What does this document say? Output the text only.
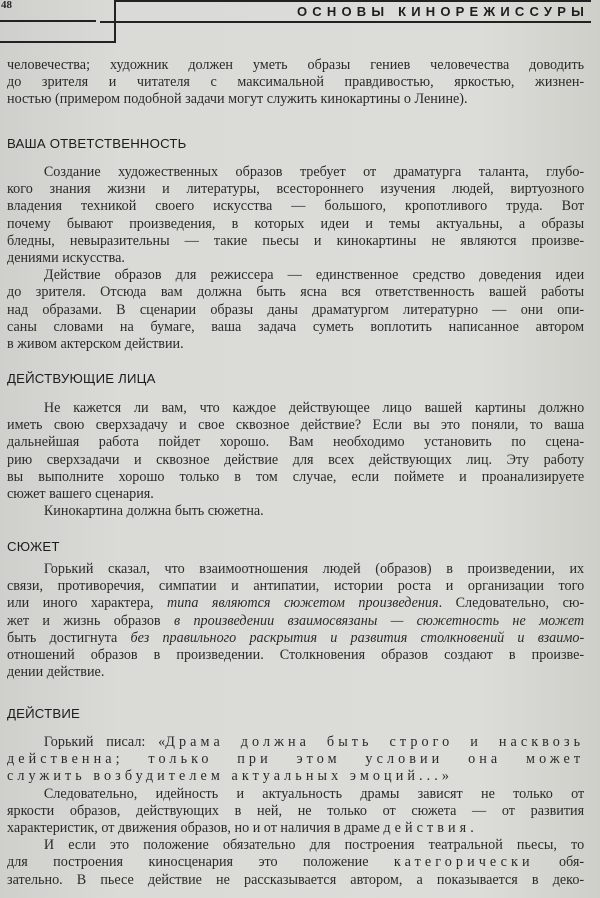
48	ОСНОВЫ КИНОРЕЖИССУРЫ
человечества; художник должен уметь образы гениев человечества доводить
до зрителя и читателя с максимальной правдивостью, яркостью, жизнен-
ностью (примером подобной задачи могут служить кинокартины о Ленине).
ВАША ОТВЕТСТВЕННОСТЬ
Создание художественных образов требует от драматурга таланта, глубо-
кого знания жизни и литературы, всестороннего изучения людей, виртуозного
владения техникой своего искусства — большого, кропотливого труда. Вот
почему бывают произведения, в которых идеи и темы актуальны, а образы
бледны, невыразительны — такие пьесы и кинокартины не являются произве-
дениями искусства.
Действие образов для режиссера — единственное средство доведения идеи
до зрителя. Отсюда вам должна быть ясна вся ответственность вашей работы
над образами. В сценарии образы даны драматургом литературно — они опи-
саны словами на бумаге, ваша задача суметь воплотить написанное автором
в живом актерском действии.
ДЕЙСТВУЮЩИЕ ЛИЦА
Не кажется ли вам, что каждое действующее лицо вашей картины должно
иметь свою сверхзадачу и свое сквозное действие? Если вы это поняли, то ваша
дальнейшая работа пойдет хорошо. Вам необходимо установить по сцена-
рию сверхзадачи и сквозное действие для всех действующих лиц. Эту работу
вы выполните хорошо только в том случае, если поймете и проанализируете
сюжет вашего сценария.
Кинокартина должна быть сюжетна.
СЮЖЕТ
Горький сказал, что взаимоотношения людей (образов) в произведении, их
связи, противоречия, симпатии и антипатии, истории роста и организации того
или иного характера, типа являются сюжетом произведения. Следовательно, сю-
жет и жизнь образов в произведении взаимосвязаны — сюжетность не может
быть достигнута без правильного раскрытия и развития столкновений и взаимо-
отношений образов в произведении. Столкновения образов создают в произве-
дении действие.
ДЕЙСТВИЕ
Горький писал: «Драма должна быть строго и насквозь
действенна; только при этом условии она может
служить возбудителем актуальных эмоций...»
Следовательно, идейность и актуальность драмы зависят не только от
яркости образов, действующих в ней, не только от сюжета — от развития
характеристик, от движения образов, но и от наличия в драме действия.
И если это положение обязательно для построения театральной пьесы, то
для построения киносценария это положение категорически обя-
зательно. В пьесе действие не рассказывается автором, а показывается в деко-
